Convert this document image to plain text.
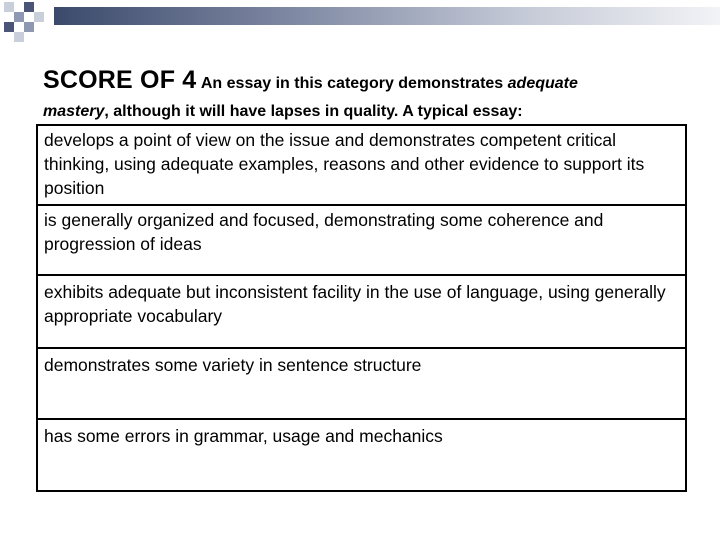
SCORE OF 4 An essay in this category demonstrates adequate
mastery, although it will have lapses in quality. A typical essay:
develops a point of view on the issue and demonstrates competent critical thinking, using adequate examples, reasons and other evidence to support its position
is generally organized and focused, demonstrating some coherence and progression of ideas
exhibits adequate but inconsistent facility in the use of language, using generally appropriate vocabulary
demonstrates some variety in sentence structure
has some errors in grammar, usage and mechanics
